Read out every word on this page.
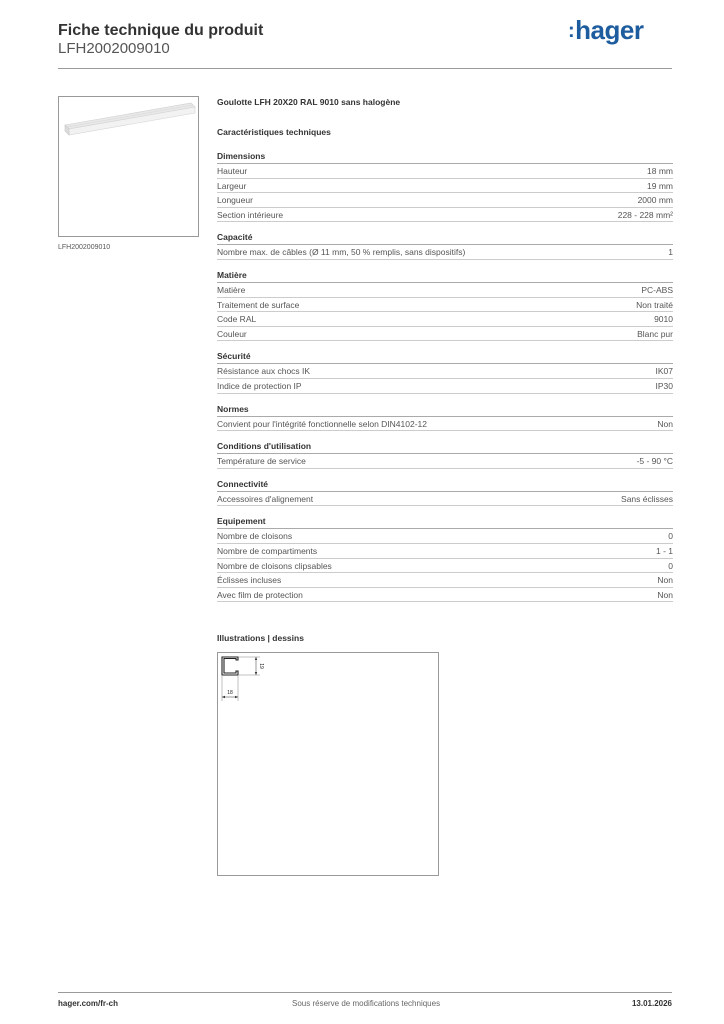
Fiche technique du produit
LFH2002009010
:hager
LFH2002009010
Goulotte LFH 20X20 RAL 9010 sans halogène
Caractéristiques techniques
Dimensions
Hauteur	18 mm
Largeur	19 mm
Longueur	2000 mm
Section intérieure	228 - 228 mm²
Capacité
Nombre max. de câbles (Ø 11 mm, 50 % remplis, sans dispositifs)	1
Matière
Matière	PC-ABS
Traitement de surface	Non traité
Code RAL	9010
Couleur	Blanc pur
Sécurité
Résistance aux chocs IK	IK07
Indice de protection IP	IP30
Normes
Convient pour l'intégrité fonctionnelle selon DIN4102-12	Non
Conditions d'utilisation
Température de service	-5 - 90 °C
Connectivité
Accessoires d'alignement	Sans éclisses
Equipement
Nombre de cloisons	0
Nombre de compartiments	1 - 1
Nombre de cloisons clipsables	0
Éclisses incluses	Non
Avec film de protection	Non
Illustrations | dessins
19
18
hager.com/fr-ch	Sous réserve de modifications techniques	13.01.2026
